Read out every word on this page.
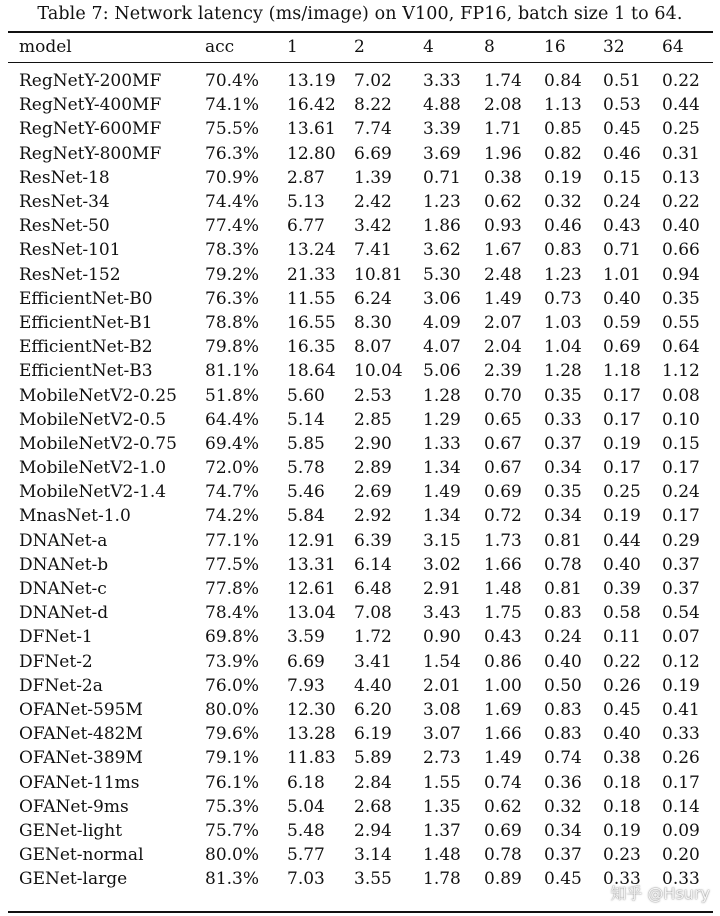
Table 7: Network latency (ms/image) on V100, FP16, batch size 1 to 64.
model	acc	1	2	4	8	16	32	64

RegNetY-200MF	70.4%	13.19	7.02	3.33	1.74	0.84	0.51	0.22
RegNetY-400MF	74.1%	16.42	8.22	4.88	2.08	1.13	0.53	0.44
RegNetY-600MF	75.5%	13.61	7.74	3.39	1.71	0.85	0.45	0.25
RegNetY-800MF	76.3%	12.80	6.69	3.69	1.96	0.82	0.46	0.31
ResNet-18	70.9%	2.87	1.39	0.71	0.38	0.19	0.15	0.13
ResNet-34	74.4%	5.13	2.42	1.23	0.62	0.32	0.24	0.22
ResNet-50	77.4%	6.77	3.42	1.86	0.93	0.46	0.43	0.40
ResNet-101	78.3%	13.24	7.41	3.62	1.67	0.83	0.71	0.66
ResNet-152	79.2%	21.33	10.81	5.30	2.48	1.23	1.01	0.94
EfficientNet-B0	76.3%	11.55	6.24	3.06	1.49	0.73	0.40	0.35
EfficientNet-B1	78.8%	16.55	8.30	4.09	2.07	1.03	0.59	0.55
EfficientNet-B2	79.8%	16.35	8.07	4.07	2.04	1.04	0.69	0.64
EfficientNet-B3	81.1%	18.64	10.04	5.06	2.39	1.28	1.18	1.12
MobileNetV2-0.25	51.8%	5.60	2.53	1.28	0.70	0.35	0.17	0.08
MobileNetV2-0.5	64.4%	5.14	2.85	1.29	0.65	0.33	0.17	0.10
MobileNetV2-0.75	69.4%	5.85	2.90	1.33	0.67	0.37	0.19	0.15
MobileNetV2-1.0	72.0%	5.78	2.89	1.34	0.67	0.34	0.17	0.17
MobileNetV2-1.4	74.7%	5.46	2.69	1.49	0.69	0.35	0.25	0.24
MnasNet-1.0	74.2%	5.84	2.92	1.34	0.72	0.34	0.19	0.17
DNANet-a	77.1%	12.91	6.39	3.15	1.73	0.81	0.44	0.29
DNANet-b	77.5%	13.31	6.14	3.02	1.66	0.78	0.40	0.37
DNANet-c	77.8%	12.61	6.48	2.91	1.48	0.81	0.39	0.37
DNANet-d	78.4%	13.04	7.08	3.43	1.75	0.83	0.58	0.54
DFNet-1	69.8%	3.59	1.72	0.90	0.43	0.24	0.11	0.07
DFNet-2	73.9%	6.69	3.41	1.54	0.86	0.40	0.22	0.12
DFNet-2a	76.0%	7.93	4.40	2.01	1.00	0.50	0.26	0.19
OFANet-595M	80.0%	12.30	6.20	3.08	1.69	0.83	0.45	0.41
OFANet-482M	79.6%	13.28	6.19	3.07	1.66	0.83	0.40	0.33
OFANet-389M	79.1%	11.83	5.89	2.73	1.49	0.74	0.38	0.26
OFANet-11ms	76.1%	6.18	2.84	1.55	0.74	0.36	0.18	0.17
OFANet-9ms	75.3%	5.04	2.68	1.35	0.62	0.32	0.18	0.14
GENet-light	75.7%	5.48	2.94	1.37	0.69	0.34	0.19	0.09
GENet-normal	80.0%	5.77	3.14	1.48	0.78	0.37	0.23	0.20
GENet-large	81.3%	7.03	3.55	1.78	0.89	0.45	0.33	0.33
知乎 @Hsury
